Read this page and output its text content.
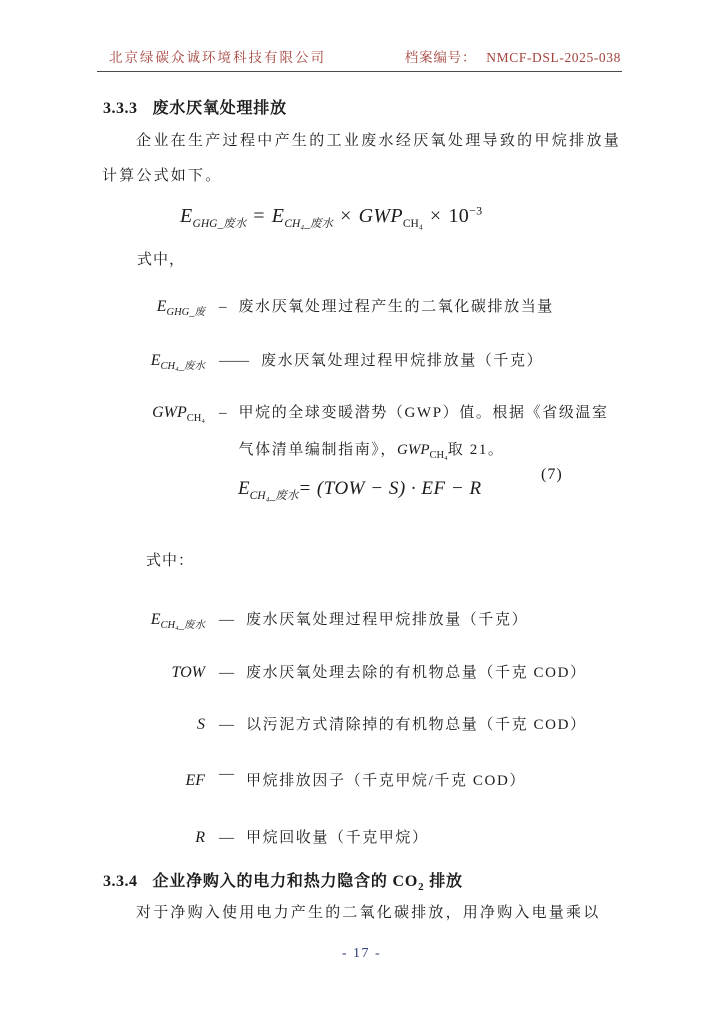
北京绿碳众诚环境科技有限公司	档案编号： NMCF-DSL-2025-038
3.3.3 废水厌氧处理排放
企业在生产过程中产生的工业废水经厌氧处理导致的甲烷排放量计算公式如下。
$E_{GHG\_废水} = E_{CH_4\_废水} \times GWP_{CH_4} \times 10^{-3}$
式中，
$E_{GHG\_废}$ – 废水厌氧处理过程产生的二氧化碳排放当量
$E_{CH_4\_废水}$ —— 废水厌氧处理过程甲烷排放量（千克）
$GWP_{CH_4}$ – 甲烷的全球变暖潜势（GWP）值。根据《省级温室气体清单编制指南》，$GWP_{CH_4}$取 21。
$E_{CH_4\_废水}= (TOW - S)$ · EF − R
(7)
式中：
$E_{CH_4\_废水}$ — 废水厌氧处理过程甲烷排放量（千克）
TOW — 废水厌氧处理去除的有机物总量（千克 COD）
S — 以污泥方式清除掉的有机物总量（千克 COD）
EF — 甲烷排放因子（千克甲烷/千克 COD）
R — 甲烷回收量（千克甲烷）
3.3.4 企业净购入的电力和热力隐含的 $CO_2$ 排放
对于净购入使用电力产生的二氧化碳排放，用净购入电量乘以
- 17 -
